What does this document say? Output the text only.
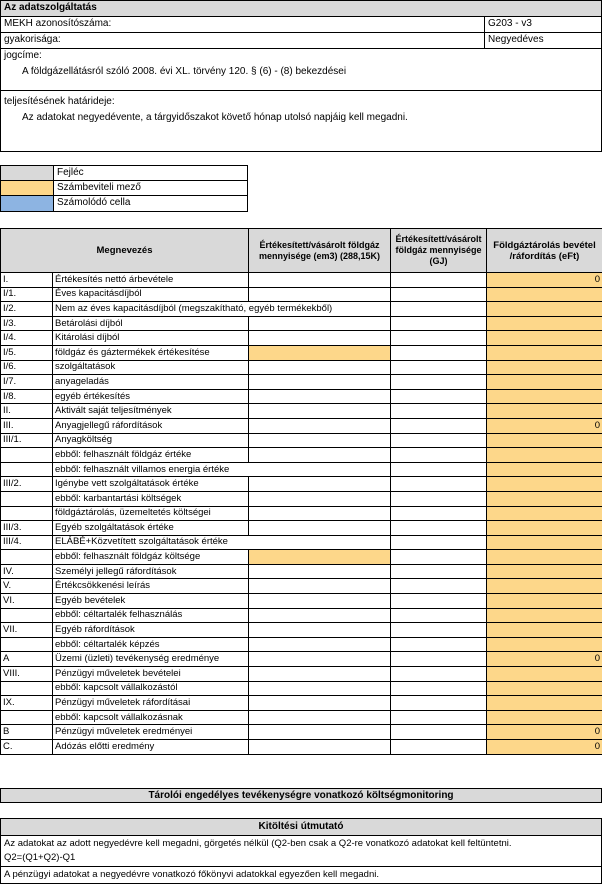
Az adatszolgáltatás
MEKH azonosítószáma:	G203 - v3
gyakorisága:	Negyedéves
jogcíme:
A földgázellátásról szóló 2008. évi XL. törvény 120. § (6) - (8) bekezdései
teljesítésének határideje:
Az adatokat negyedévente, a tárgyidőszakot követő hónap utolsó napjáig kell megadni.
Fejléc
Számbeviteli mező
Számolódó cella
Megnevezés		Értékesített/vásárolt földgáz mennyisége (em3) (288,15K)	Értékesített/vásárolt földgáz mennyisége (GJ)	Földgáztárolás bevétel /ráfordítás (eFt)
I.	Értékesítés nettó árbevétele			0
I/1.	Éves kapacitásdíjból			
I/2.	Nem az éves kapacitásdíjból (megszakítható, egyéb termékekből)			
I/3.	Betárolási díjból			
I/4.	Kitárolási díjból			
I/5.	földgáz és gáztermékek értékesítése			
I/6.	szolgáltatások			
I/7.	anyageladás			
I/8.	egyéb értékesítés			
II.	Aktivált saját teljesítmények			
III.	Anyagjellegű ráfordítások			0
III/1.	Anyagköltség			
	ebből: felhasznált földgáz értéke			
	ebből: felhasznált villamos energia értéke			
III/2.	Igénybe vett szolgáltatások értéke			
	ebből: karbantartási költségek			
	földgáztárolás, üzemeltetés költségei			
III/3.	Egyéb szolgáltatások értéke			
III/4.	ELÁBÉ+Közvetített szolgáltatások értéke			
	ebből: felhasznált földgáz költsége			
IV.	Személyi jellegű ráfordítások			
V.	Értékcsökkenési leírás			
VI.	Egyéb bevételek			
	ebből: céltartalék felhasználás			
VII.	Egyéb ráfordítások			
	ebből: céltartalék képzés			
A	Üzemi (üzleti) tevékenység eredménye			0
VIII.	Pénzügyi műveletek bevételei			
	ebből: kapcsolt vállalkozástól			
IX.	Pénzügyi műveletek ráfordításai			
	ebből: kapcsolt vállalkozásnak			
B	Pénzügyi műveletek eredményei			0
C.	Adózás előtti eredmény			0
Tárolói engedélyes tevékenységre vonatkozó költségmonitoring
Kitöltési útmutató
Az adatokat az adott negyedévre kell megadni, görgetés nélkül (Q2-ben csak a Q2-re vonatkozó adatokat kell feltüntetni.
Q2=(Q1+Q2)-Q1
A pénzügyi adatokat a negyedévre vonatkozó főkönyvi adatokkal egyezően kell megadni.
